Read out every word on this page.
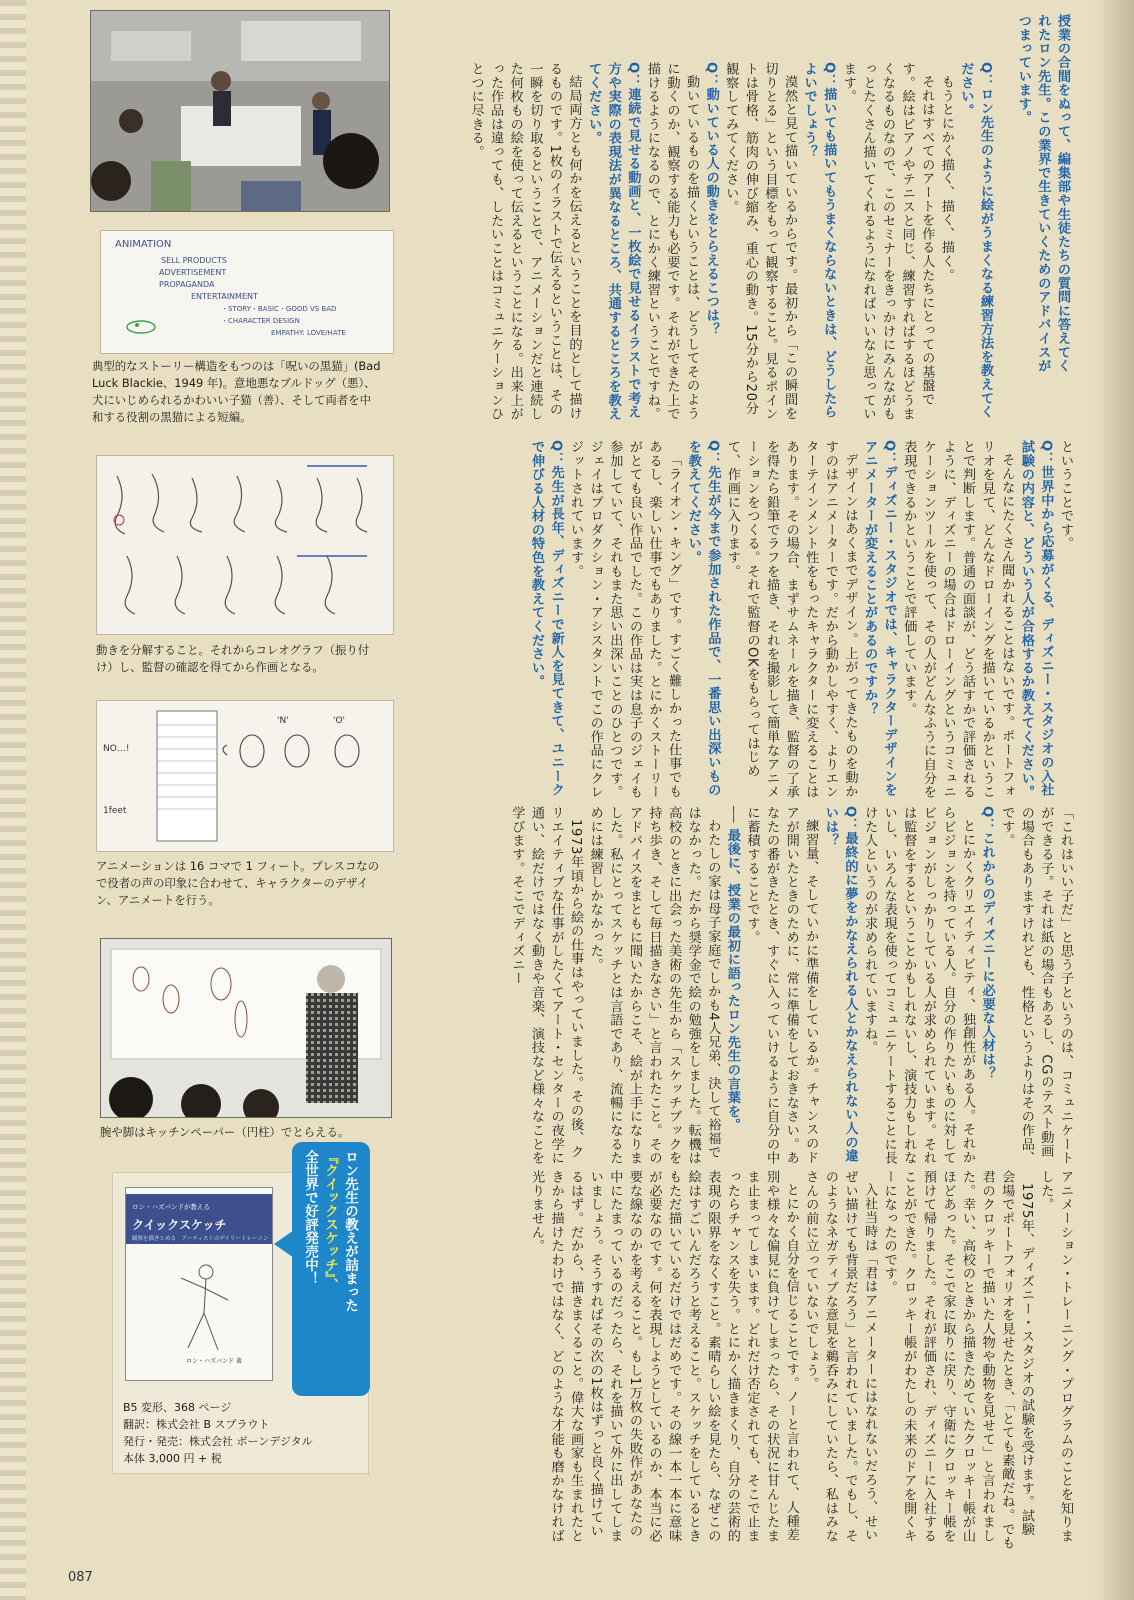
授業の合間をぬって、編集部や生徒たちの質問に答えてくれたロン先生。この業界で生きていくためのアドバイスがつまっています。

Q：ロン先生のように絵がうまくなる練習方法を教えてください。

もうとにかく描く、描く、描く。

それはすべてのアートを作る人たちにとっての基盤です。絵はピアノやテニスと同じ、練習すればするほどうまくなるものなので、このセミナーをきっかけにみんながもっとたくさん描いてくれるようになればいいなと思っています。

Q：描いても描いてもうまくならないときは、どうしたらよいでしょう？

漠然と見て描いているからです。最初から「この瞬間を切りとる」という目標をもって観察すること。見るポイントは骨格、筋肉の伸び縮み、重心の動き。15分から20分観察してみてください。

Q：動いている人の動きをとらえるこつは？

動いているものを描くということは、どうしてそのように動くのか、観察する能力も必要です。それができた上で描けるようになるので、とにかく練習ということですね。

Q：連続で見せる動画と、一枚絵で見せるイラストで考え方や実際の表現法が異なるところ、共通するところを教えてください。

結局両方とも何かを伝えるということを目的として描けるものです。1枚のイラストで伝えるということは、その一瞬を切り取るということで、アニメーションだと連続した何枚もの絵を使って伝えるということになる。出来上がった作品は違っても、したいことはコミュニケーションひとつに尽きる。

ということです。

Q：世界中から応募がくる、ディズニー・スタジオの入社試験の内容と、どういう人が合格するか教えてください。

そんなにたくさん聞かれることはないです。ポートフォリオを見て、どんなドローイングを描いているかということで判断します。普通の面談が、どう話すかで評価されるように、ディズニーの場合はドローイングというコミュニケーションツールを使って、その人がどんなふうに自分を表現できるかということで評価しています。

Q：ディズニー・スタジオでは、キャラクターデザインをアニメーターが変えることがあるのですか？

デザインはあくまでデザイン。上がってきたものを動かすのはアニメーターです。だから動かしやすく、よりエンターテインメント性をもったキャラクターに変えることはあります。その場合、まずサムネールを描き、監督の了承を得たら鉛筆でラフを描き、それを撮影して簡単なアニメーションをつくる。それで監督のOKをもらってはじめて、作画に入ります。

Q：先生が今まで参加された作品で、一番思い出深いものを教えてください。

「ライオン・キング」です。すごく難しかった仕事でもあるし、楽しい仕事でもありました。とにかくストーリーがとても良い作品でした。この作品は実は息子のジェイも参加していて、それもまた思い出深いことのひとつです。ジェイはプロダクション・アシスタントでこの作品にクレジットされています。

Q：先生が長年、ディズニーで新人を見てきて、ユニークで伸びる人材の特色を教えてください。

「これはいい子だ」と思う子というのは、コミュニケートができる子。それは紙の場合もあるし、CGのテスト動画の場合もありますけれども、性格というよりはその作品、です。

Q：これからのディズニーに必要な人材は？

とにかくクリエイティビティ、独創性がある人。それからビジョンを持っている人。自分の作りたいものに対してビジョンがしっかりしている人が求められています。それは監督をするということかもしれないし、演技力もしれないし、いろんな表現を使ってコミュニケートすることに長けた人というのが求められていますね。

Q：最終的に夢をかなえられる人とかなえられない人の違いは？

練習量、そしていかに準備をしているか。チャンスのドアが開いたときのために、常に準備をしておきなさい。あなたの番がきたとき、すぐに入っていけるように自分の中に蓄積することです。

── 最後に、授業の最初に語ったロン先生の言葉を。

わたしの家は母子家庭でしかも4人兄弟、決して裕福ではなかった。だから奨学金で絵の勉強をしました。転機は高校のときに出会った美術の先生から「スケッチブックを持ち歩き、そして毎日描きなさい」と言われたこと。そのアドバイスをまともに聞いたからこそ、絵が上手になりました。私にとってスケッチとは言語であり、流暢になるためには練習しかなかった。

1973年頃から絵の仕事はやっていました。その後、クリエイティブな仕事がしたくてアート・センターの夜学に通い、絵だけではなく動きや音楽、演技など様々なことを学びます。そこでディズニー

アニメーション・トレーニング・プログラムのことを知りました。

1975年、ディズニー・スタジオの試験を受けます。試験会場でポートフォリオを見せたとき、「とても素敵だね。でも君のクロッキーで描いた人物や動物を見せて」と言われました。幸い、高校のときから描きためていたクロッキー帳が山ほどあった。そこで家に取りに戻り、守衛にクロッキー帳を預けて帰りました。それが評価され、ディズニーに入社することができた。クロッキー帳がわたしの未来のドアを開くキーになったのです。

入社当時は「君はアニメーターにはなれないだろう、せいぜい描けても背景だろう」と言われていました。でもし、そのようなネガティブな意見を鵜呑みにしていたら、私はみなさんの前に立っていないでしょう。

とにかく自分を信じることです。ノーと言われて、人種差別や様々な偏見に負けてしまったら、その状況に甘んじたまま止まってしまいます。どれだけ否定されても、そこで止まったらチャンスを失う。とにかく描きまくり、自分の芸術的表現の限界をなくすこと。素晴らしい絵を見たら、なぜこの絵はすごいんだろうと考えること。スケッチをしているときもただ描いているだけではだめです。その線一本一本に意味が必要なのです。何を表現しようとしているのか、本当に必要な線なのかを考えること。もし1万枚の失敗作があなたの中にたまっているのだったら、それを描いて外に出してしまいましょう。そうすればその次の1枚はずっと良く描けているはず。だから、描きまくること。偉大な画家も生まれたときから描けたわけではなく、どのような才能も磨かなければ光りません。

ANIMATION
SELL PRODUCTS
ADVERTISEMENT
PROPAGANDA
ENTERTAINMENT
・STORY・BASIC・GOOD VS BAD
・CHARACTER DESIGN
EMPATHY: LOVE/HATE
典型的なストーリー構造をもつのは「呪いの黒猫」(Bad Luck Blackie、1949 年)。意地悪なブルドッグ（悪）、犬にいじめられるかわいい子猫（善）、そして両者を中和する役割の黒猫による短編。
動きを分解すること。それからコレオグラフ（振り付け）し、監督の確認を得てから作画となる。
NO…!
'N'	'O'
1feet
アニメーションは 16 コマで 1 フィート。プレスコなので役者の声の印象に合わせて、キャラクターのデザイン、アニメートを行う。
腕や脚はキッチンペーパー（円柱）でとらえる。
ロン・ハズバンドが教える
クイックスケッチ
観察を描きとめる　アーティストのデイリートレーニング
ロン・ハズバンド 著
B5 変形、368 ページ
翻訳：株式会社 B スプラウト
発行・発売：株式会社 ボーンデジタル
本体 3,000 円 + 税
ロン先生の教えが詰まった
『クイックスケッチ』、
全世界で好評発売中！
087
